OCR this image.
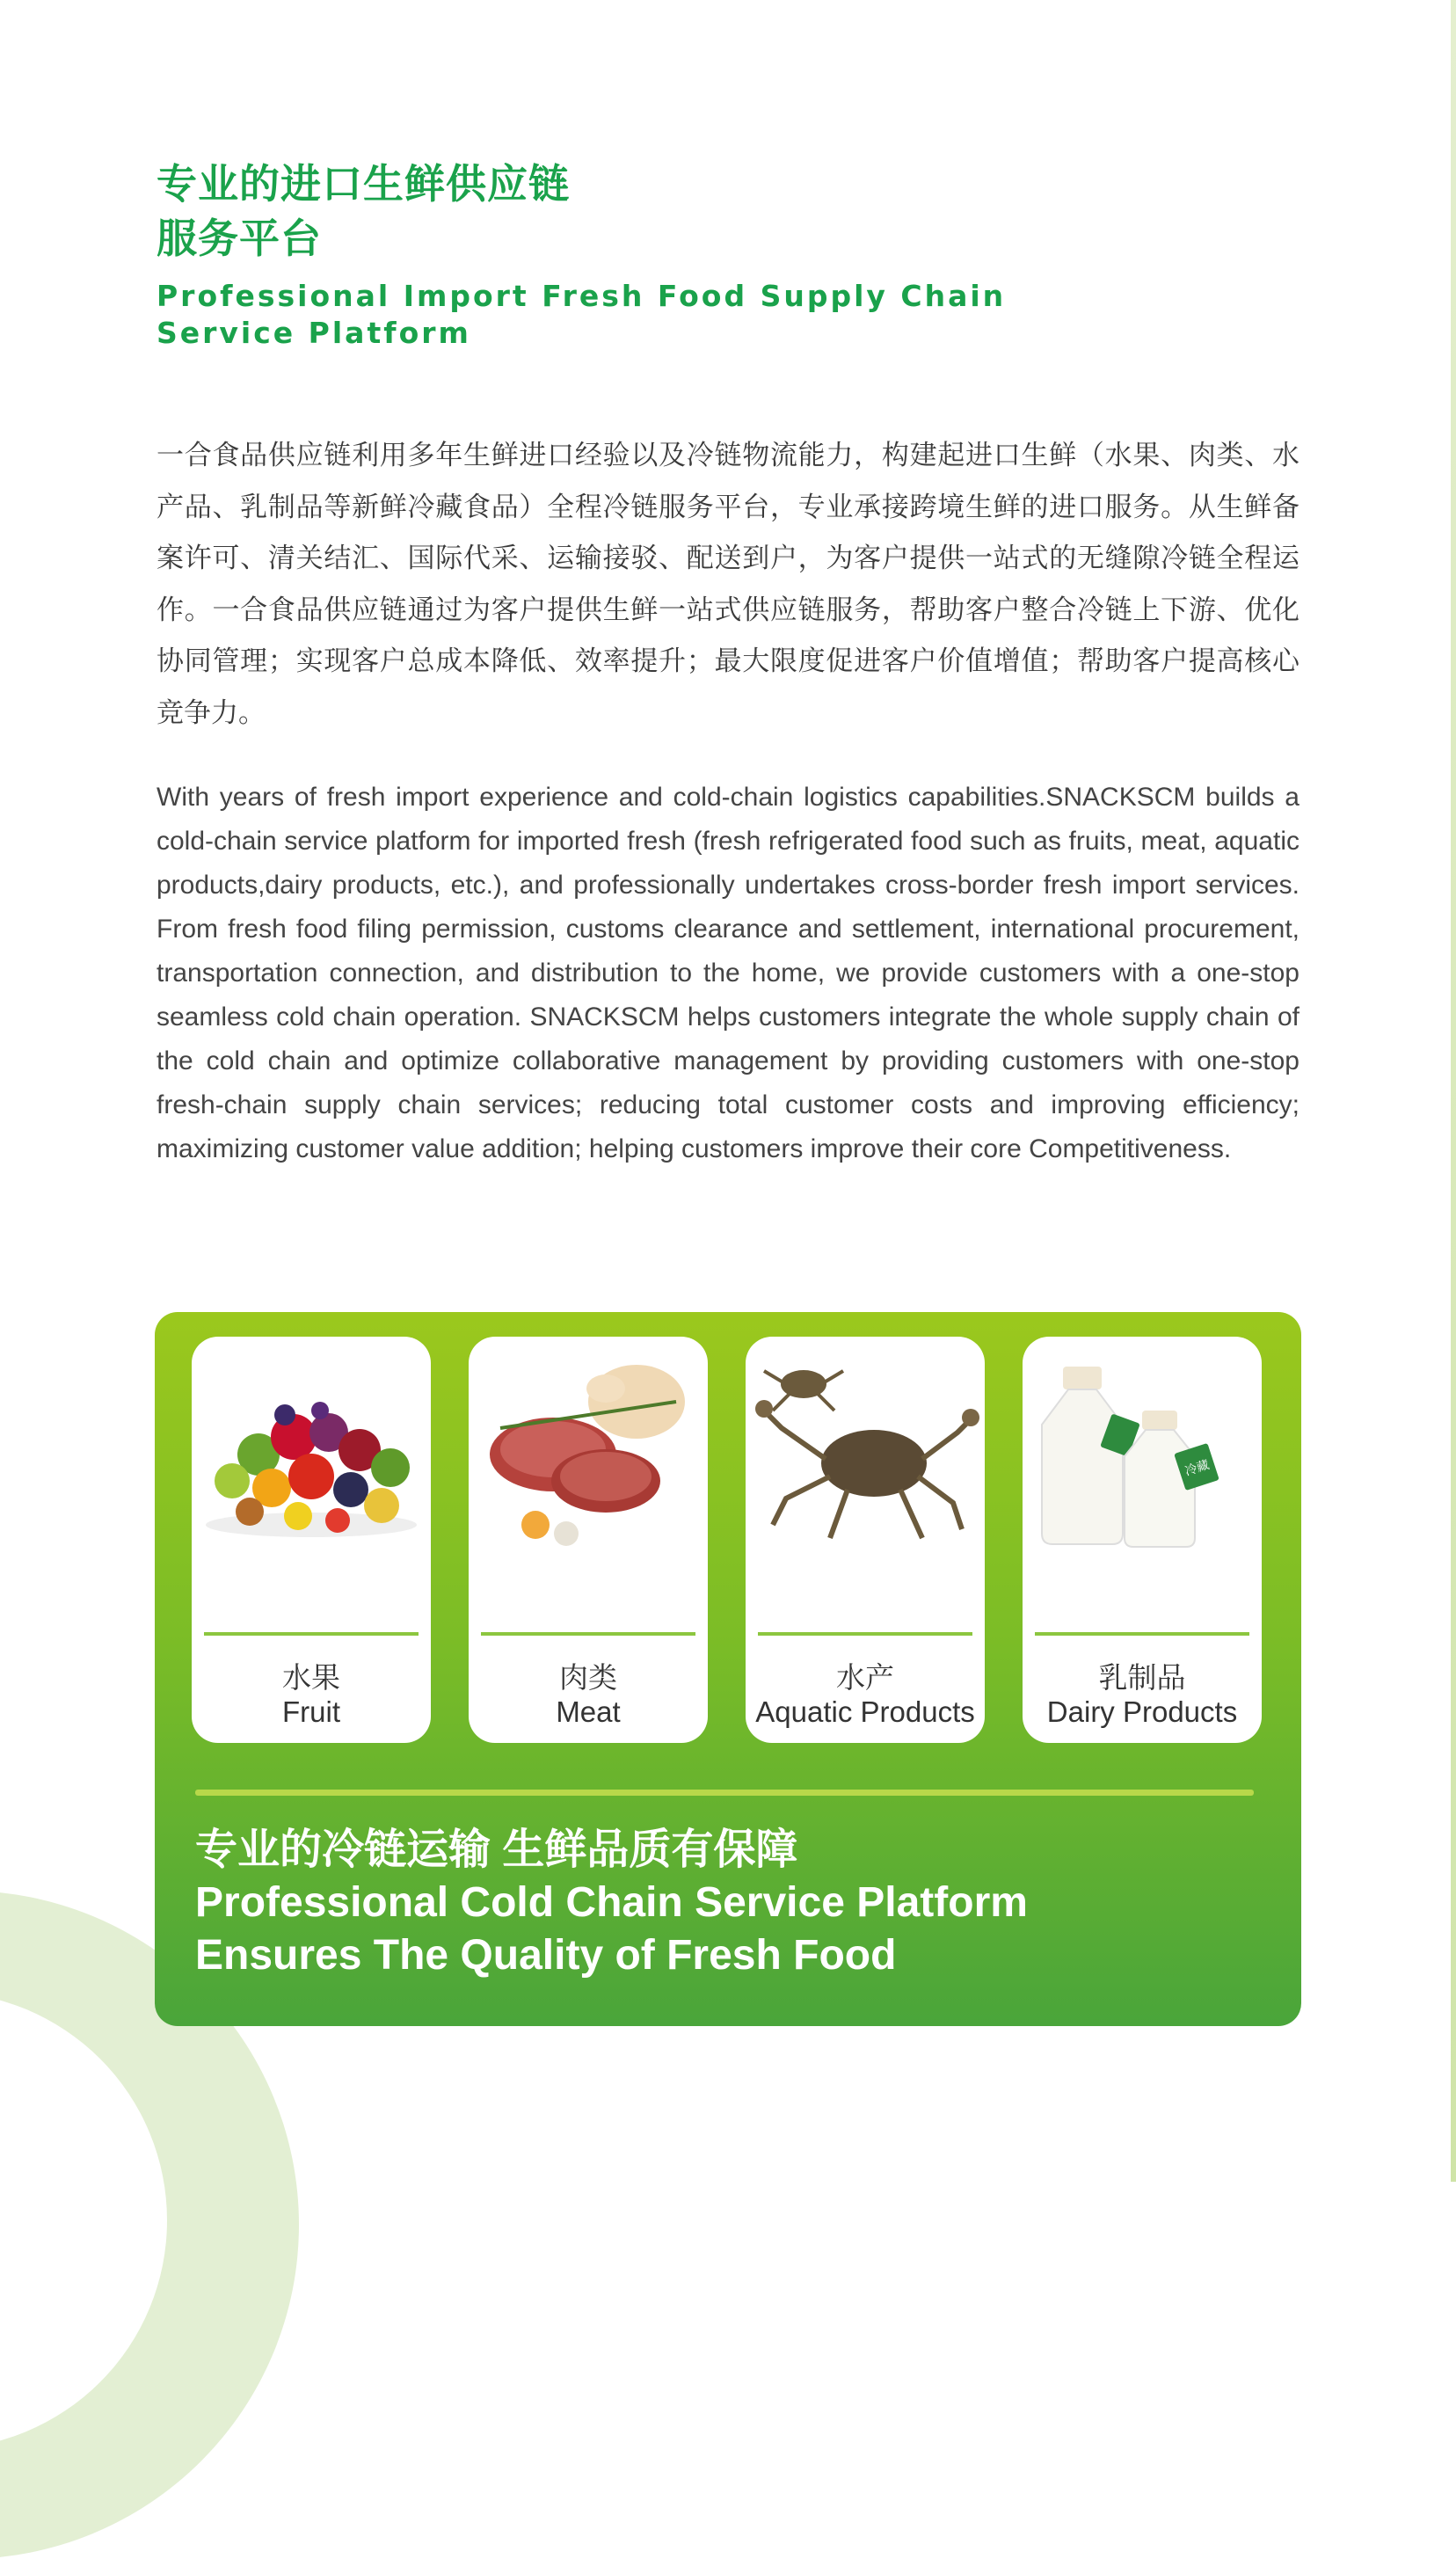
专业的进口生鲜供应链
服务平台
Professional Import Fresh Food Supply Chain
Service Platform

一合食品供应链利用多年生鲜进口经验以及冷链物流能力，构建起进口生鲜（水果、肉类、水产品、乳制品等新鲜冷藏食品）全程冷链服务平台，专业承接跨境生鲜的进口服务。从生鲜备案许可、清关结汇、国际代采、运输接驳、配送到户，为客户提供一站式的无缝隙冷链全程运作。一合食品供应链通过为客户提供生鲜一站式供应链服务，帮助客户整合冷链上下游、优化协同管理；实现客户总成本降低、效率提升；最大限度促进客户价值增值；帮助客户提高核心竞争力。

With years of fresh import experience and cold-chain logistics capabilities.SNACKSCM builds a cold-chain service platform for imported fresh (fresh refrigerated food such as fruits, meat, aquatic products,dairy products, etc.), and professionally undertakes cross-border fresh import services. From fresh food filing permission, customs clearance and settlement, international procurement, transportation connection, and distribution to the home, we provide customers with a one-stop seamless cold chain operation. SNACKSCM helps customers integrate the whole supply chain of the cold chain and optimize collaborative management by providing customers with one-stop fresh-chain supply chain services; reducing total customer costs and improving efficiency; maximizing customer value addition; helping customers improve their core Competitiveness.

水果
Fruit
肉类
Meat
水产
Aquatic Products
冷藏
乳制品
Dairy Products
专业的冷链运输 生鲜品质有保障
Professional Cold Chain Service Platform
Ensures The Quality of Fresh Food
